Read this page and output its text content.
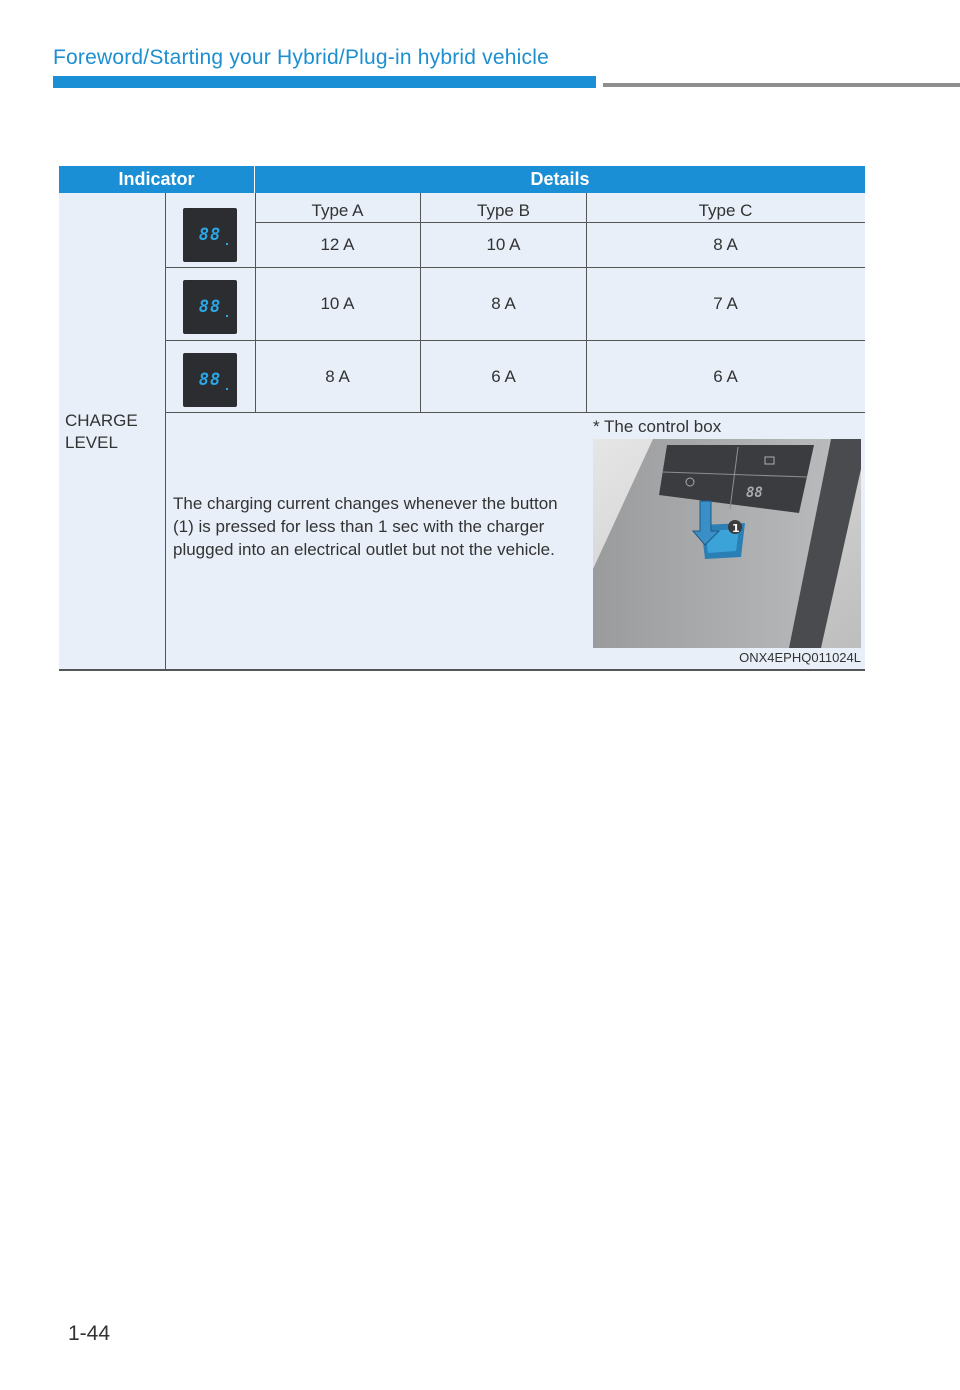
Foreword/Starting your Hybrid/Plug-in hybrid vehicle
Indicator	Details
CHARGE LEVEL
Type A	Type B	Type C
88	12 A	10 A	8 A
88	10 A	8 A	7 A
88	8 A	6 A	6 A
The charging current changes whenever the button (1) is pressed for less than 1 sec with the charger plugged into an electrical outlet but not the vehicle.
* The control box
88
1
ONX4EPHQ011024L
1-44
